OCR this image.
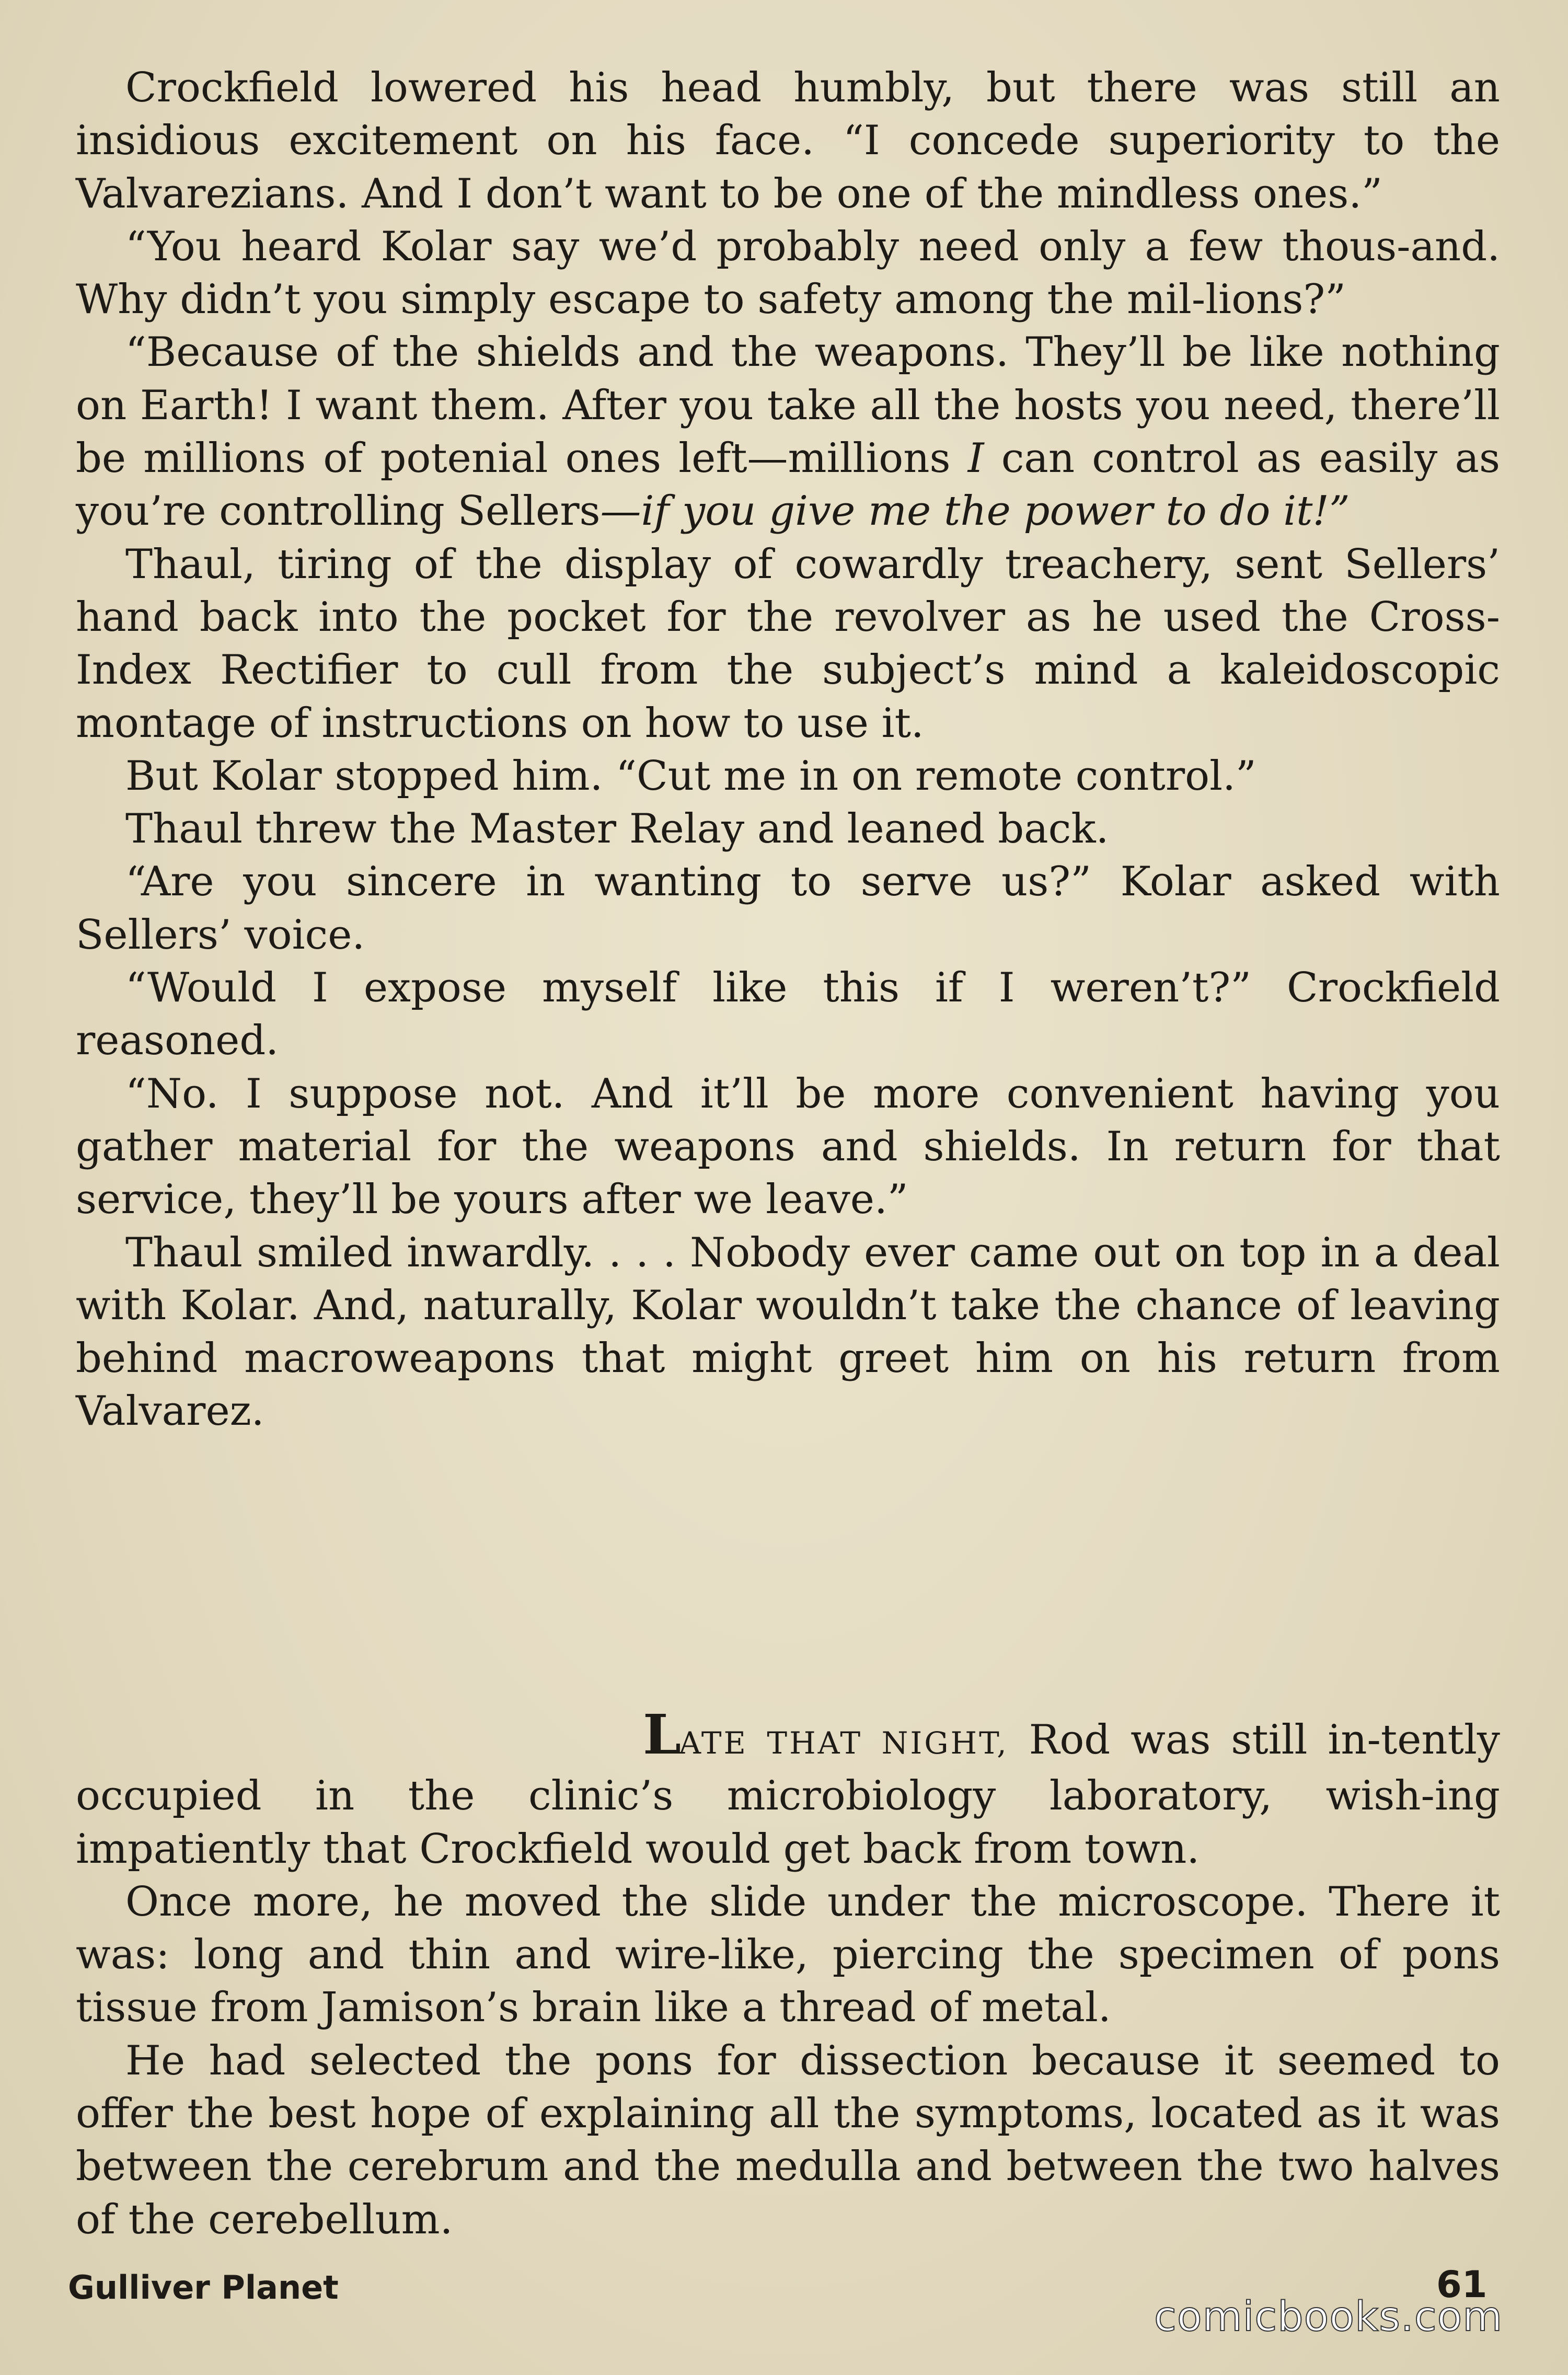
Crockfield lowered his head humbly, but there was still an insidious excitement on his face. “I concede superiority to the Valvarezians. And I don’t want to be one of the mindless ones.”

“You heard Kolar say we’d probably need only a few thous-and. Why didn’t you simply escape to safety among the mil-lions?”

“Because of the shields and the weapons. They’ll be like nothing on Earth! I want them. After you take all the hosts you need, there’ll be millions of potenial ones left—millions I can control as easily as you’re controlling Sellers—if you give me the power to do it!”

Thaul, tiring of the display of cowardly treachery, sent Sellers’ hand back into the pocket for the revolver as he used the Cross-Index Rectifier to cull from the subject’s mind a kaleidoscopic montage of instructions on how to use it.

But Kolar stopped him. “Cut me in on remote control.”

Thaul threw the Master Relay and leaned back.

“Are you sincere in wanting to serve us?” Kolar asked with Sellers’ voice.

“Would I expose myself like this if I weren’t?” Crockfield reasoned.

“No. I suppose not. And it’ll be more convenient having you gather material for the weapons and shields. In return for that service, they’ll be yours after we leave.”

Thaul smiled inwardly. . . . Nobody ever came out on top in a deal with Kolar. And, naturally, Kolar wouldn’t take the chance of leaving behind macroweapons that might greet him on his return from Valvarez.

LATE THAT NIGHT, Rod was still in-tently occupied in the clinic’s microbiology laboratory, wish-ing impatiently that Crockfield would get back from town.

Once more, he moved the slide under the microscope. There it was: long and thin and wire-like, piercing the specimen of pons tissue from Jamison’s brain like a thread of metal.

He had selected the pons for dissection because it seemed to offer the best hope of explaining all the symptoms, located as it was between the cerebrum and the medulla and between the two halves of the cerebellum.

Gulliver Planet	61
comicbooks.com
